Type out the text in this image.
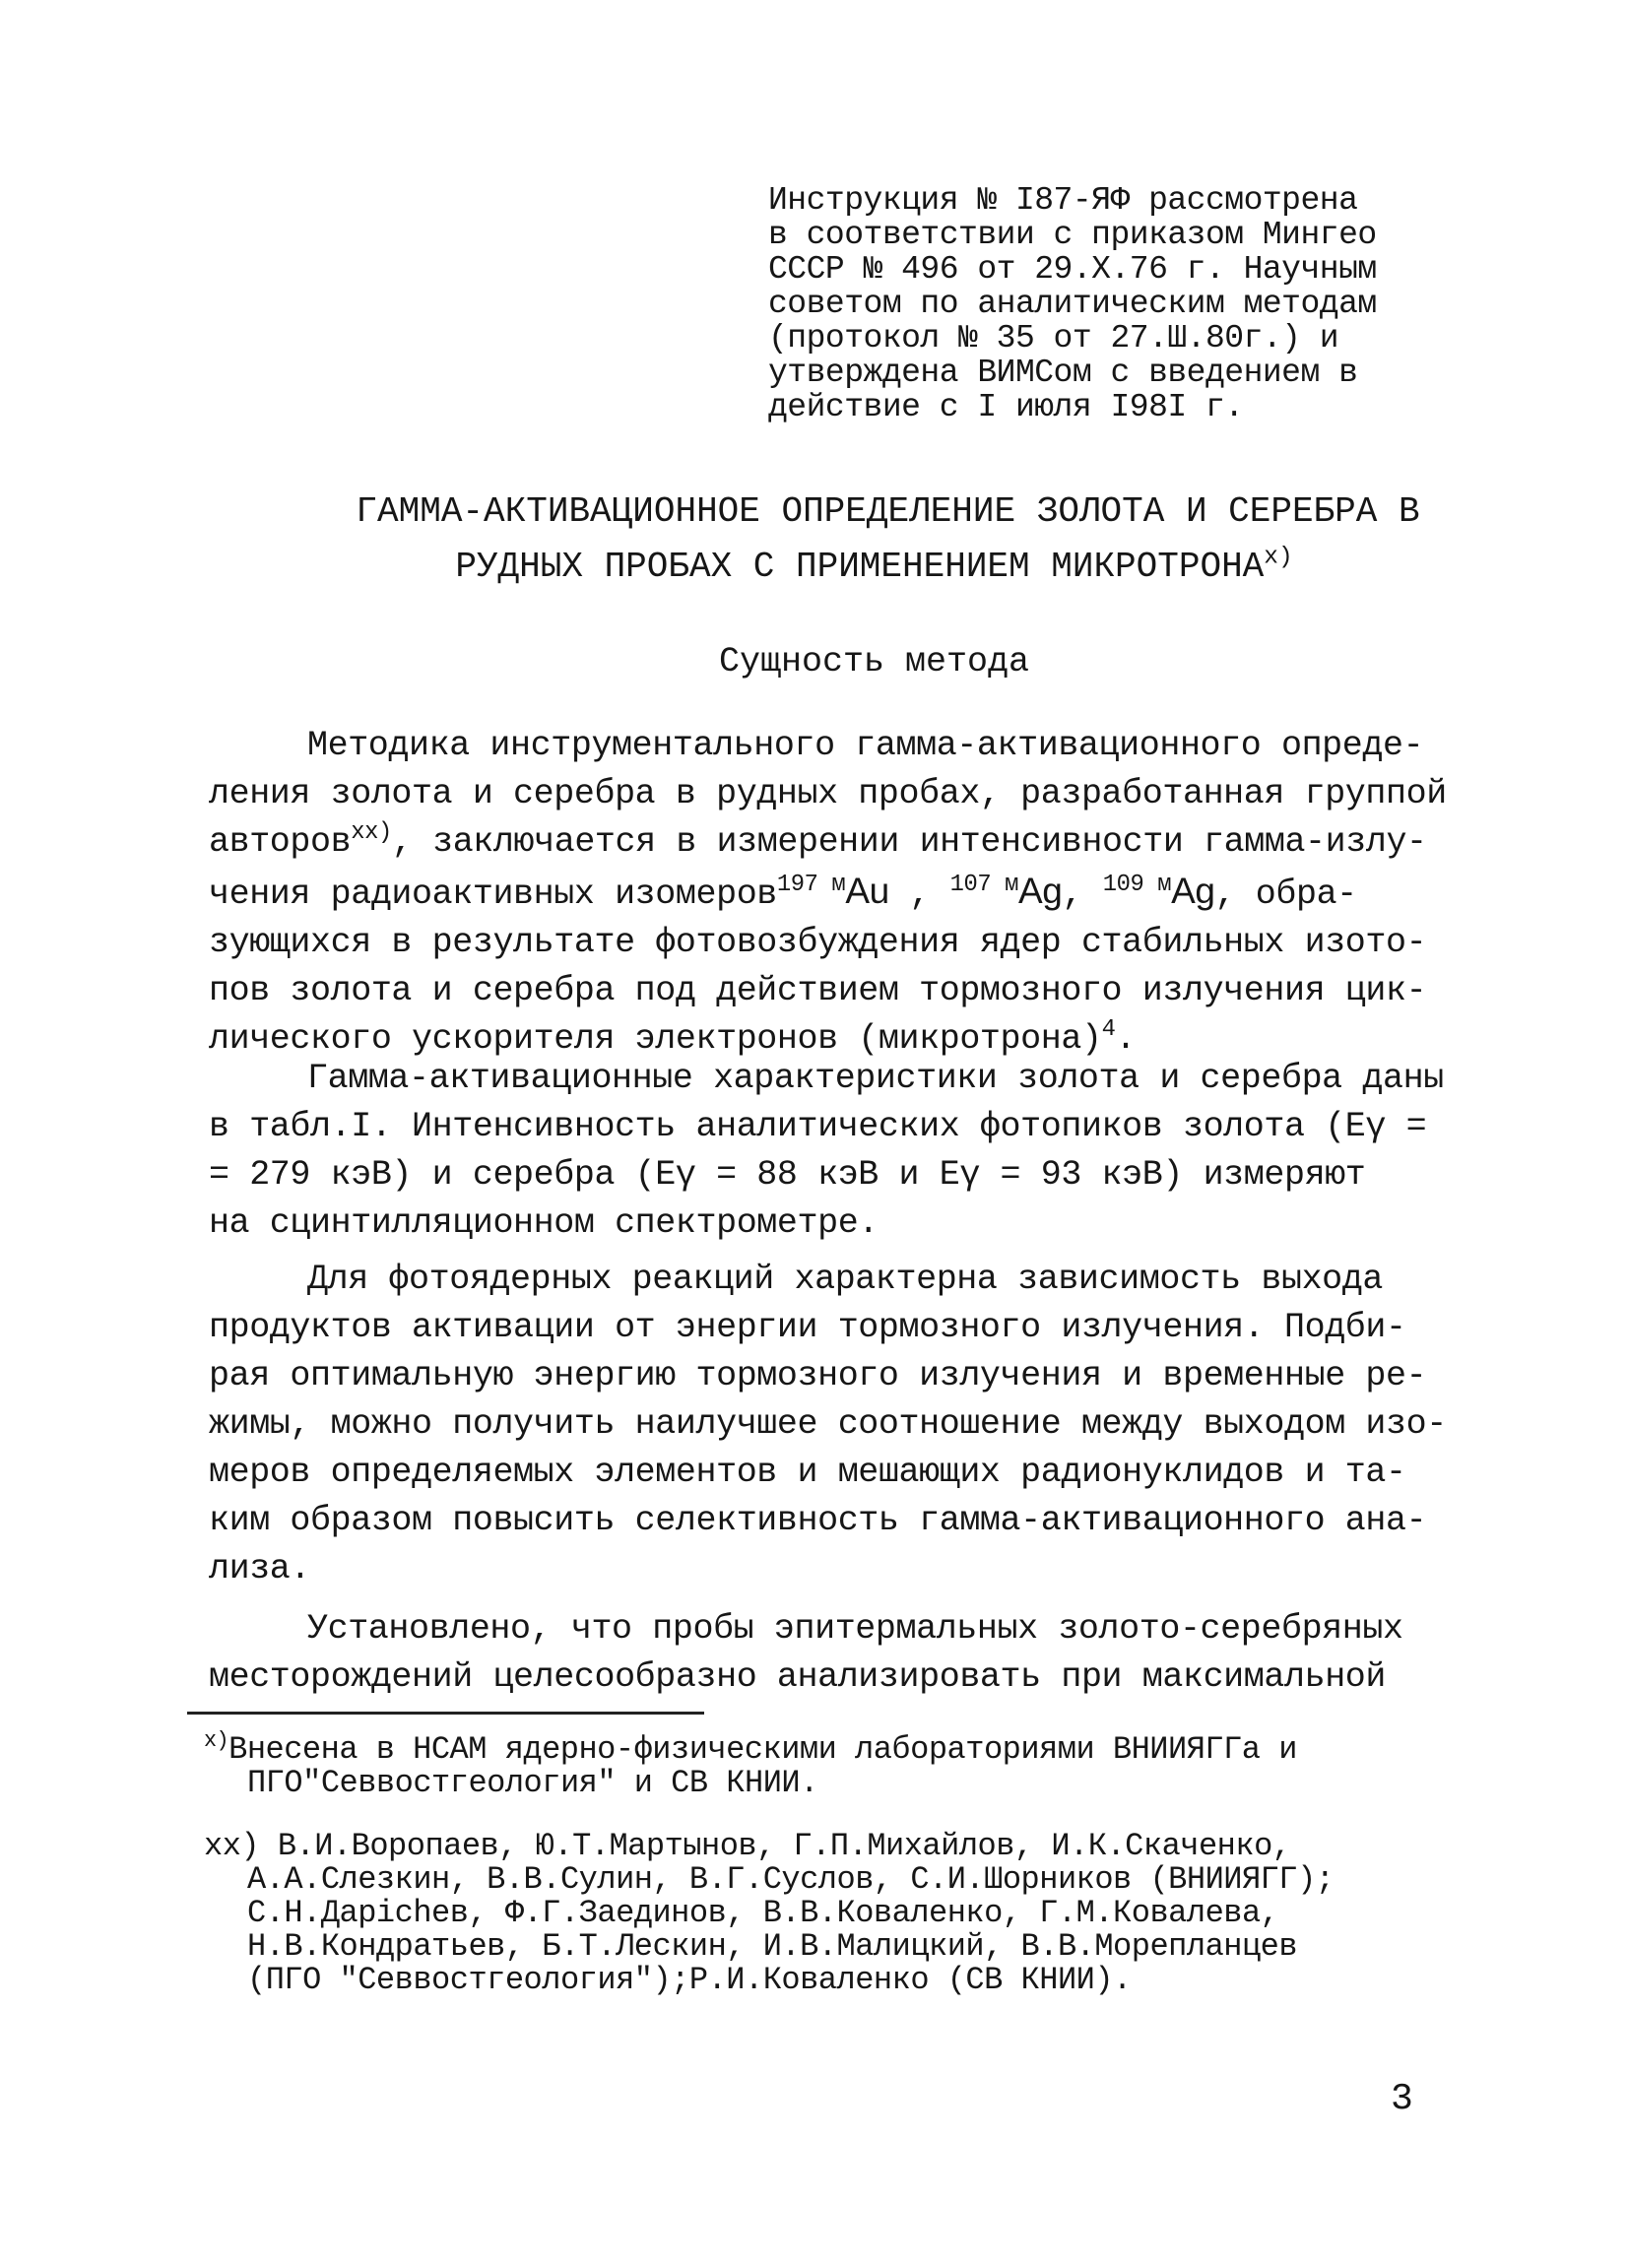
Инструкция № I87-ЯФ рассмотрена
в соответствии с приказом Мингео
СССР № 496 от 29.Х.76 г. Научным
советом по аналитическим методам
(протокол № 35 от 27.Ш.80г.) и
утверждена ВИМСом с введением в
действие с I июля I98I г.
ГАММА-АКТИВАЦИОННОЕ ОПРЕДЕЛЕНИЕ ЗОЛОТА И СЕРЕБРА В
РУДНЫХ ПРОБАХ С ПРИМЕНЕНИЕМ МИКРОТРОНА$^{x)}$
Сущность метода
Методика инструментального гамма-активационного опреде-
ления золота и серебра в рудных пробах, разработанная группой
авторов$^{xx)}$, заключается в измерении интенсивности гамма-излу-
чения радиоактивных изомеров$^{197 м}$Au , $^{107 м}$Ag, $^{109 м}$Ag, обра-
зующихся в результате фотовозбуждения ядер стабильных изото-
пов золота и серебра под действием тормозного излучения цик-
лического ускорителя электронов (микротрона)$^4$.
Гамма-активационные характеристики золота и серебра даны
в табл.I. Интенсивность аналитических фотопиков золота (Еγ =
= 279 кэВ) и серебра (Еγ = 88 кэВ и Еγ = 93 кэВ) измеряют
на сцинтилляционном спектрометре.
Для фотоядерных реакций характерна зависимость выхода
продуктов активации от энергии тормозного излучения. Подби-
рая оптимальную энергию тормозного излучения и временные ре-
жимы, можно получить наилучшее соотношение между выходом изо-
меров определяемых элементов и мешающих радионуклидов и та-
ким образом повысить селективность гамма-активационного ана-
лиза.
Установлено, что пробы эпитермальных золото-серебряных
месторождений целесообразно анализировать при максимальной
$^{x)}$Внесена в НСАМ ядерно-физическими лабораториями ВНИИЯГГа и
ПГО"Севвостгеология" и СВ КНИИ.
хх) В.И.Воропаев, Ю.Т.Мартынов, Г.П.Михайлов, И.К.Скаченко,
А.А.Слезкин, В.В.Сулин, В.Г.Суслов, С.И.Шорников (ВНИИЯГГ);
С.Н.Дарichев, Ф.Г.Заединов, В.В.Коваленко, Г.М.Ковалева,
Н.В.Кондратьев, Б.Т.Лескин, И.В.Малицкий, В.В.Морепланцев
(ПГО "Севвостгеология");Р.И.Коваленко (СВ КНИИ).
3
